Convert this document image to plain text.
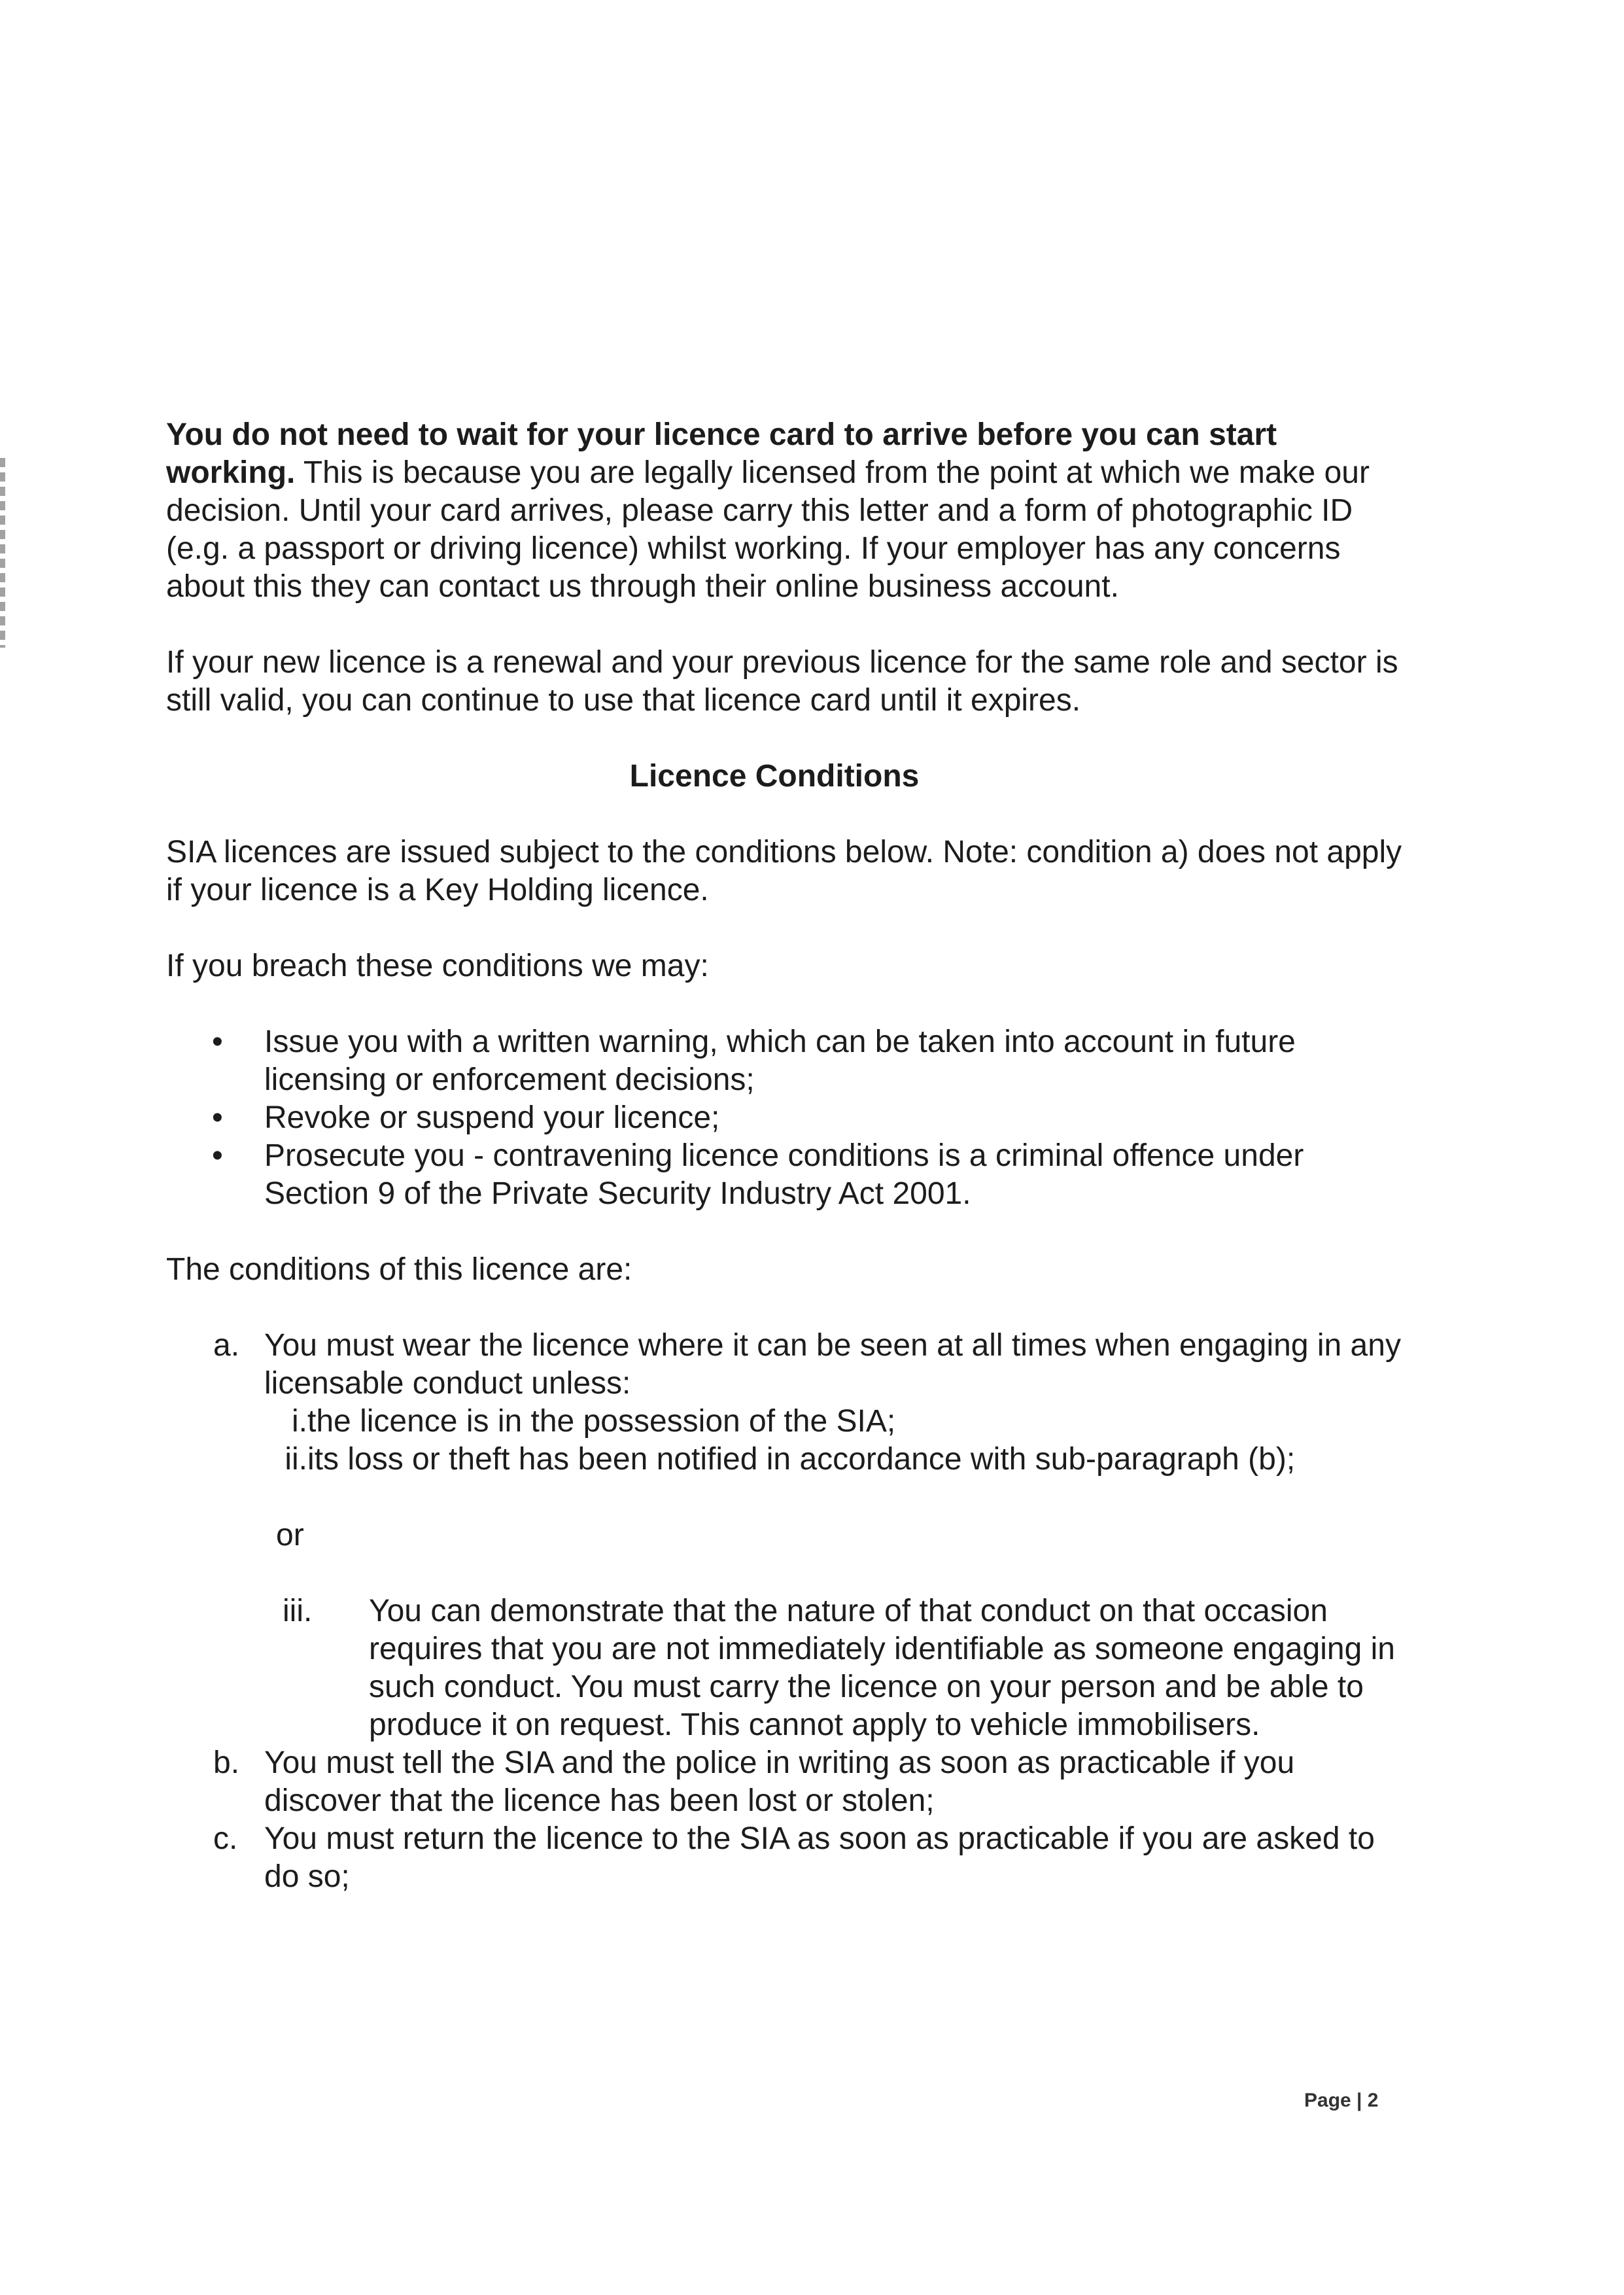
You do not need to wait for your licence card to arrive before you can start working. This is because you are legally licensed from the point at which we make our decision. Until your card arrives, please carry this letter and a form of photographic ID (e.g. a passport or driving licence) whilst working. If your employer has any concerns about this they can contact us through their online business account.

If your new licence is a renewal and your previous licence for the same role and sector is still valid, you can continue to use that licence card until it expires.

Licence Conditions

SIA licences are issued subject to the conditions below. Note: condition a) does not apply if your licence is a Key Holding licence.

If you breach these conditions we may:

• Issue you with a written warning, which can be taken into account in future licensing or enforcement decisions;
• Revoke or suspend your licence;
• Prosecute you - contravening licence conditions is a criminal offence under Section 9 of the Private Security Industry Act 2001.

The conditions of this licence are:

a. You must wear the licence where it can be seen at all times when engaging in any licensable conduct unless:
i. the licence is in the possession of the SIA;
ii. its loss or theft has been notified in accordance with sub-paragraph (b);

or

iii. You can demonstrate that the nature of that conduct on that occasion requires that you are not immediately identifiable as someone engaging in such conduct. You must carry the licence on your person and be able to produce it on request. This cannot apply to vehicle immobilisers.
b. You must tell the SIA and the police in writing as soon as practicable if you discover that the licence has been lost or stolen;
c. You must return the licence to the SIA as soon as practicable if you are asked to do so;
Page | 2
